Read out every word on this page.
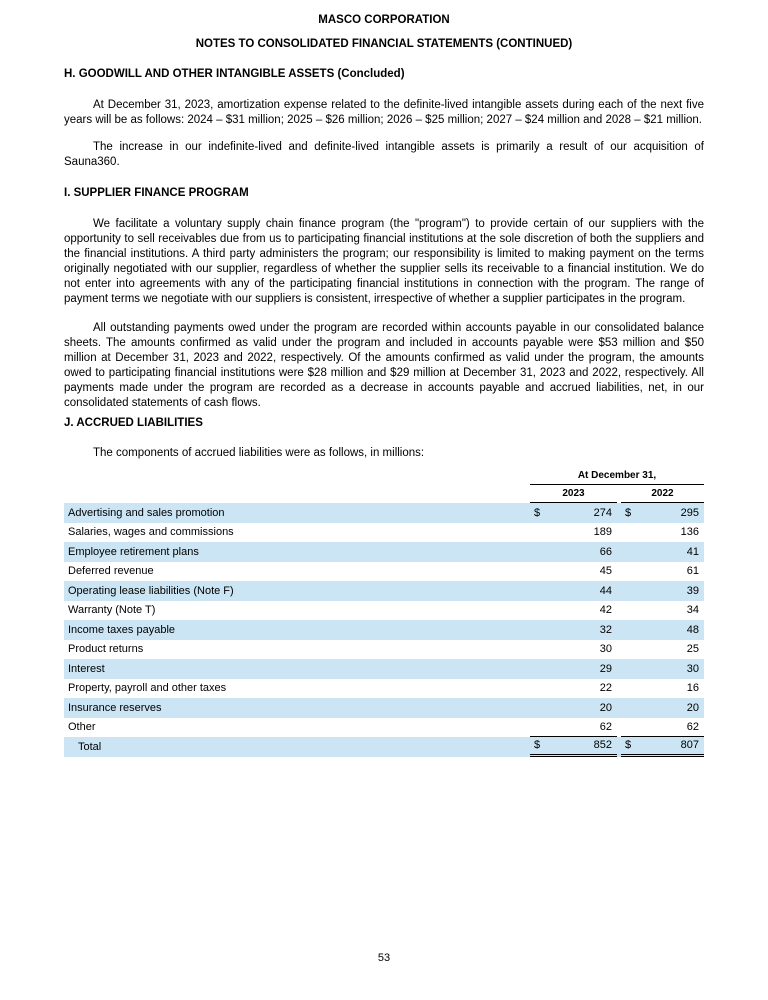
MASCO CORPORATION
NOTES TO CONSOLIDATED FINANCIAL STATEMENTS (CONTINUED)
H. GOODWILL AND OTHER INTANGIBLE ASSETS (Concluded)

At December 31, 2023, amortization expense related to the definite-lived intangible assets during each of the next five years will be as follows: 2024 – $31 million; 2025 – $26 million; 2026 – $25 million; 2027 – $24 million and 2028 – $21 million.

The increase in our indefinite-lived and definite-lived intangible assets is primarily a result of our acquisition of Sauna360.

I. SUPPLIER FINANCE PROGRAM

We facilitate a voluntary supply chain finance program (the "program") to provide certain of our suppliers with the opportunity to sell receivables due from us to participating financial institutions at the sole discretion of both the suppliers and the financial institutions. A third party administers the program; our responsibility is limited to making payment on the terms originally negotiated with our supplier, regardless of whether the supplier sells its receivable to a financial institution. We do not enter into agreements with any of the participating financial institutions in connection with the program. The range of payment terms we negotiate with our suppliers is consistent, irrespective of whether a supplier participates in the program.

All outstanding payments owed under the program are recorded within accounts payable in our consolidated balance sheets. The amounts confirmed as valid under the program and included in accounts payable were $53 million and $50 million at December 31, 2023 and 2022, respectively. Of the amounts confirmed as valid under the program, the amounts owed to participating financial institutions were $28 million and $29 million at December 31, 2023 and 2022, respectively. All payments made under the program are recorded as a decrease in accounts payable and accrued liabilities, net, in our consolidated statements of cash flows.

J. ACCRUED LIABILITIES

The components of accrued liabilities were as follows, in millions:

At December 31,
2023	2022
Advertising and sales promotion	$	274 $	295
Salaries, wages and commissions	189	136
Employee retirement plans	66	41
Deferred revenue	45	61
Operating lease liabilities (Note F)	44	39
Warranty (Note T)	42	34
Income taxes payable	32	48
Product returns	30	25
Interest	29	30
Property, payroll and other taxes	22	16
Insurance reserves	20	20
Other	62	62
Total	$	852 $	807
53
